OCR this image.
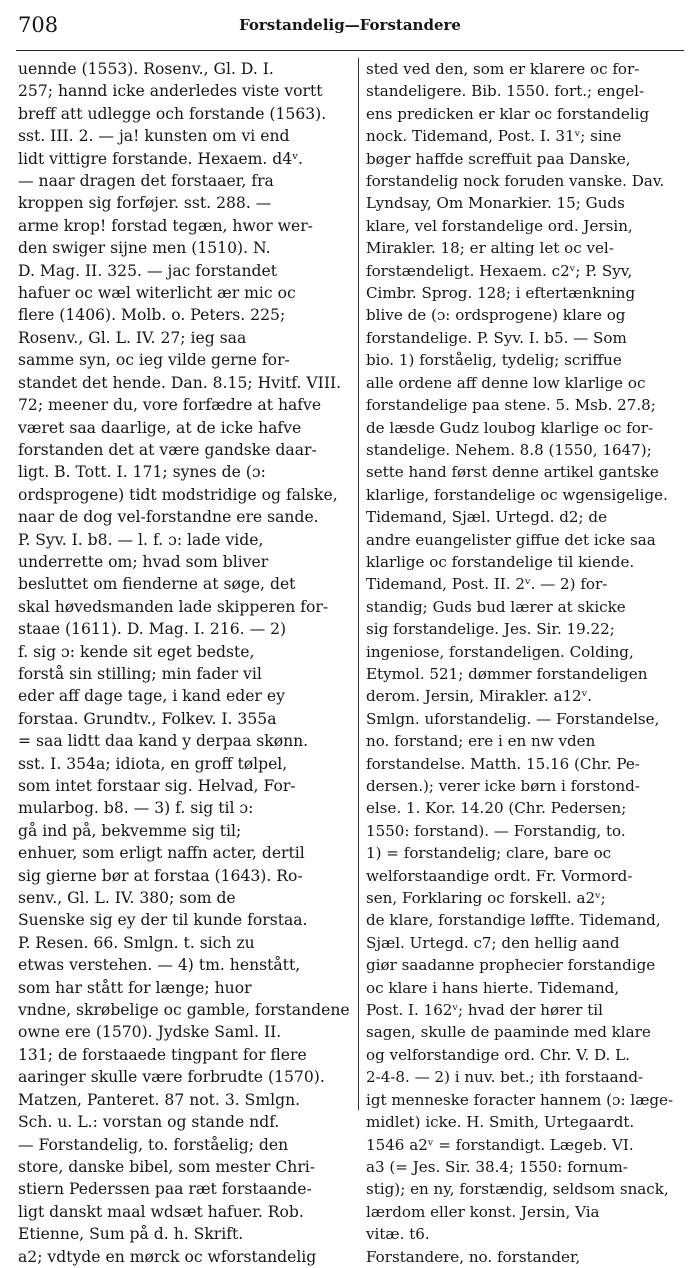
708	Forstandelig—Forstandere
uennde (1553). Rosenv., Gl. D. I.
257; hannd icke anderledes viste vortt
breff att udlegge och forstande (1563).
sst. III. 2. — ja! kunsten om vi end
lidt vittigre forstande. Hexaem. d4ᵛ.
— naar dragen det forstaaer, fra
kroppen sig forføjer. sst. 288. —
arme krop! forstad tegæn, hwor wer-
den swiger sijne men (1510). N.
D. Mag. II. 325. — jac forstandet
hafuer oc wæl witerlicht ær mic oc
flere (1406). Molb. o. Peters. 225;
Rosenv., Gl. L. IV. 27; ieg saa
samme syn, oc ieg vilde gerne for-
standet det hende. Dan. 8.15; Hvitf. VIII.
72; meener du, vore forfædre at hafve
været saa daarlige, at de icke hafve
forstanden det at være gandske daar-
ligt. B. Tott. I. 171; synes de (ɔ:
ordsprogene) tidt modstridige og falske,
naar de dog vel-forstandne ere sande.
P. Syv. I. b8. — l. f. ɔ: lade vide,
underrette om; hvad som bliver
besluttet om fienderne at søge, det
skal høvedsmanden lade skipperen for-
staae (1611). D. Mag. I. 216. — 2)
f. sig ɔ: kende sit eget bedste,
forstå sin stilling; min fader vil
eder aff dage tage, i kand eder ey
forstaa. Grundtv., Folkev. I. 355a
= saa lidtt daa kand y derpaa skønn.
sst. I. 354a; idiota, en groff tølpel,
som intet forstaar sig. Helvad, For-
mularbog. b8. — 3) f. sig til ɔ:
gå ind på, bekvemme sig til;
enhuer, som erligt naffn acter, dertil
sig gierne bør at forstaa (1643). Ro-
senv., Gl. L. IV. 380; som de
Suenske sig ey der til kunde forstaa.
P. Resen. 66. Smlgn. t. sich zu
etwas verstehen. — 4) tm. henstått,
som har stått for længe; huor
vndne, skrøbelige oc gamble, forstandene
owne ere (1570). Jydske Saml. II.
131; de forstaaede tingpant for flere
aaringer skulle være forbrudte (1570).
Matzen, Panteret. 87 not. 3. Smlgn.
Sch. u. L.: vorstan og stande ndf.
— Forstandelig, to. forståelig; den
store, danske bibel, som mester Chri-
stiern Pederssen paa ræt forstaande-
ligt danskt maal wdsæt hafuer. Rob.
Etienne, Sum på d. h. Skrift.
a2; vdtyde en mørck oc wforstandelig
sted ved den, som er klarere oc for-
standeligere. Bib. 1550. fort.; engel-
ens predicken er klar oc forstandelig
nock. Tidemand, Post. I. 31ᵛ; sine
bøger haffde screffuit paa Danske,
forstandelig nock foruden vanske. Dav.
Lyndsay, Om Monarkier. 15; Guds
klare, vel forstandelige ord. Jersin,
Mirakler. 18; er alting let oc vel-
forstændeligt. Hexaem. c2ᵛ; P. Syv,
Cimbr. Sprog. 128; i eftertænkning
blive de (ɔ: ordsprogene) klare og
forstandelige. P. Syv. I. b5. — Som
bio. 1) forståelig, tydelig; scriffue
alle ordene aff denne low klarlige oc
forstandelige paa stene. 5. Msb. 27.8;
de læsde Gudz loubog klarlige oc for-
standelige. Nehem. 8.8 (1550, 1647);
sette hand først denne artikel gantske
klarlige, forstandelige oc wgensigelige.
Tidemand, Sjæl. Urtegd. d2; de
andre euangelister giffue det icke saa
klarlige oc forstandelige til kiende.
Tidemand, Post. II. 2ᵛ. — 2) for-
standig; Guds bud lærer at skicke
sig forstandelige. Jes. Sir. 19.22;
ingeniose, forstandeligen. Colding,
Etymol. 521; dømmer forstandeligen
derom. Jersin, Mirakler. a12ᵛ.
Smlgn. uforstandelig. — Forstandelse,
no. forstand; ere i en nw vden
forstandelse. Matth. 15.16 (Chr. Pe-
dersen.); verer icke børn i forstond-
else. 1. Kor. 14.20 (Chr. Pedersen;
1550: forstand). — Forstandig, to.
1) = forstandelig; clare, bare oc
welforstaandige ordt. Fr. Vormord-
sen, Forklaring oc forskell. a2ᵛ;
de klare, forstandige løffte. Tidemand,
Sjæl. Urtegd. c7; den hellig aand
giør saadanne prophecier forstandige
oc klare i hans hierte. Tidemand,
Post. I. 162ᵛ; hvad der hører til
sagen, skulle de paaminde med klare
og velforstandige ord. Chr. V. D. L.
2-4-8. — 2) i nuv. bet.; ith forstaand-
igt menneske foracter hannem (ɔ: læge-
midlet) icke. H. Smith, Urtegaardt.
1546 a2ᵛ = forstandigt. Lægeb. VI.
a3 (= Jes. Sir. 38.4; 1550: fornum-
stig); en ny, forstændig, seldsom snack,
lærdom eller konst. Jersin, Via
vitæ. t6.
Forstandere, no. forstander,
